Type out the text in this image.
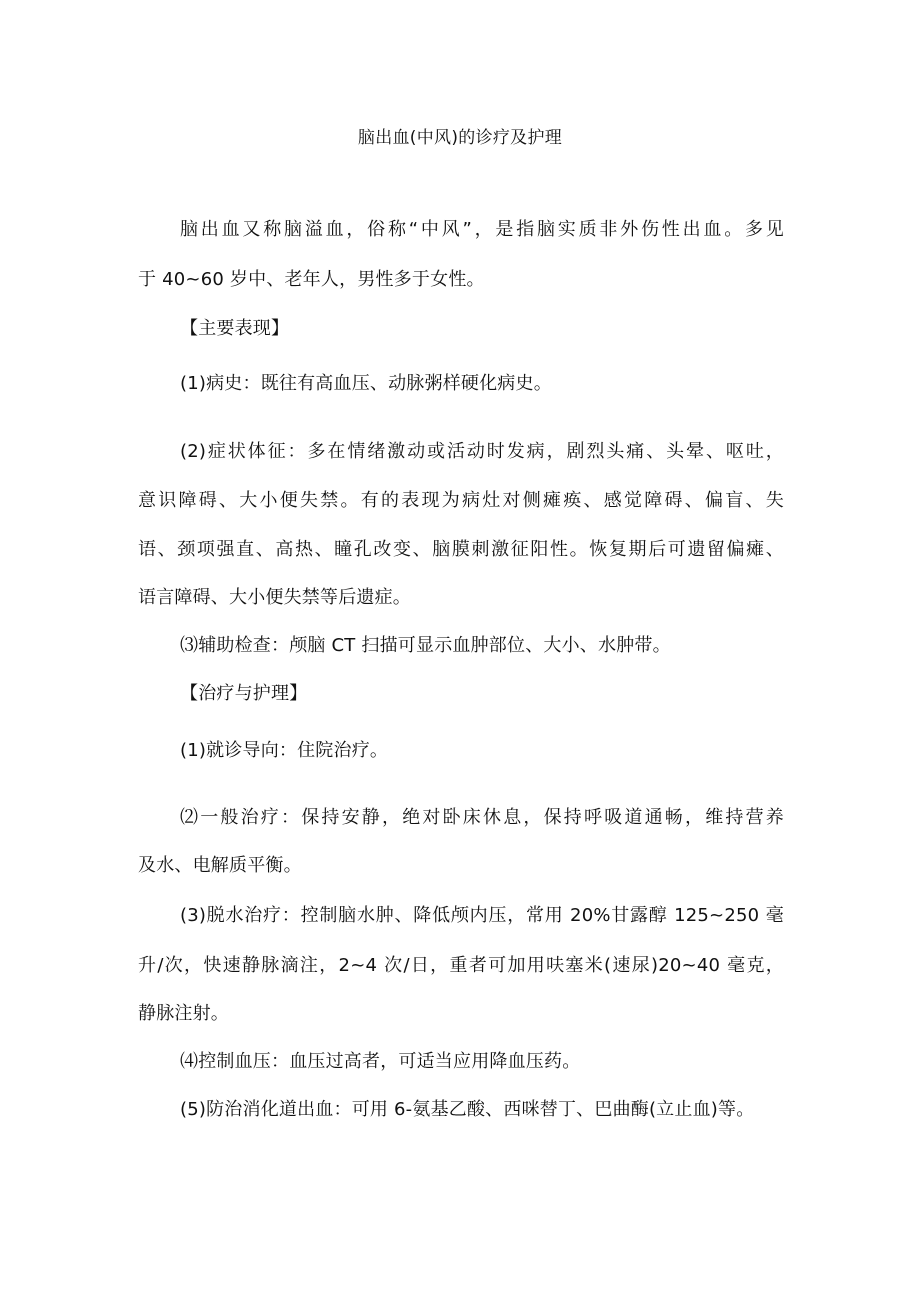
脑出血(中风)的诊疗及护理
脑出血又称脑溢血，俗称“中风”，是指脑实质非外伤性出血。多见
于 40~60 岁中、老年人，男性多于女性。
【主要表现】
(1)病史：既往有高血压、动脉粥样硬化病史。
(2)症状体征：多在情绪激动或活动时发病，剧烈头痛、头晕、呕吐，
意识障碍、大小便失禁。有的表现为病灶对侧瘫痪、感觉障碍、偏盲、失
语、颈项强直、高热、瞳孔改变、脑膜刺激征阳性。恢复期后可遗留偏瘫、
语言障碍、大小便失禁等后遗症。
⑶辅助检查：颅脑 CT 扫描可显示血肿部位、大小、水肿带。
【治疗与护理】
(1)就诊导向：住院治疗。
⑵一般治疗：保持安静，绝对卧床休息，保持呼吸道通畅，维持营养
及水、电解质平衡。
(3)脱水治疗：控制脑水肿、降低颅内压，常用 20%甘露醇 125~250 毫
升/次，快速静脉滴注，2~4 次/日，重者可加用呋塞米(速尿)20~40 毫克，
静脉注射。
⑷控制血压：血压过高者，可适当应用降血压药。
(5)防治消化道出血：可用 6-氨基乙酸、西咪替丁、巴曲酶(立止血)等。
